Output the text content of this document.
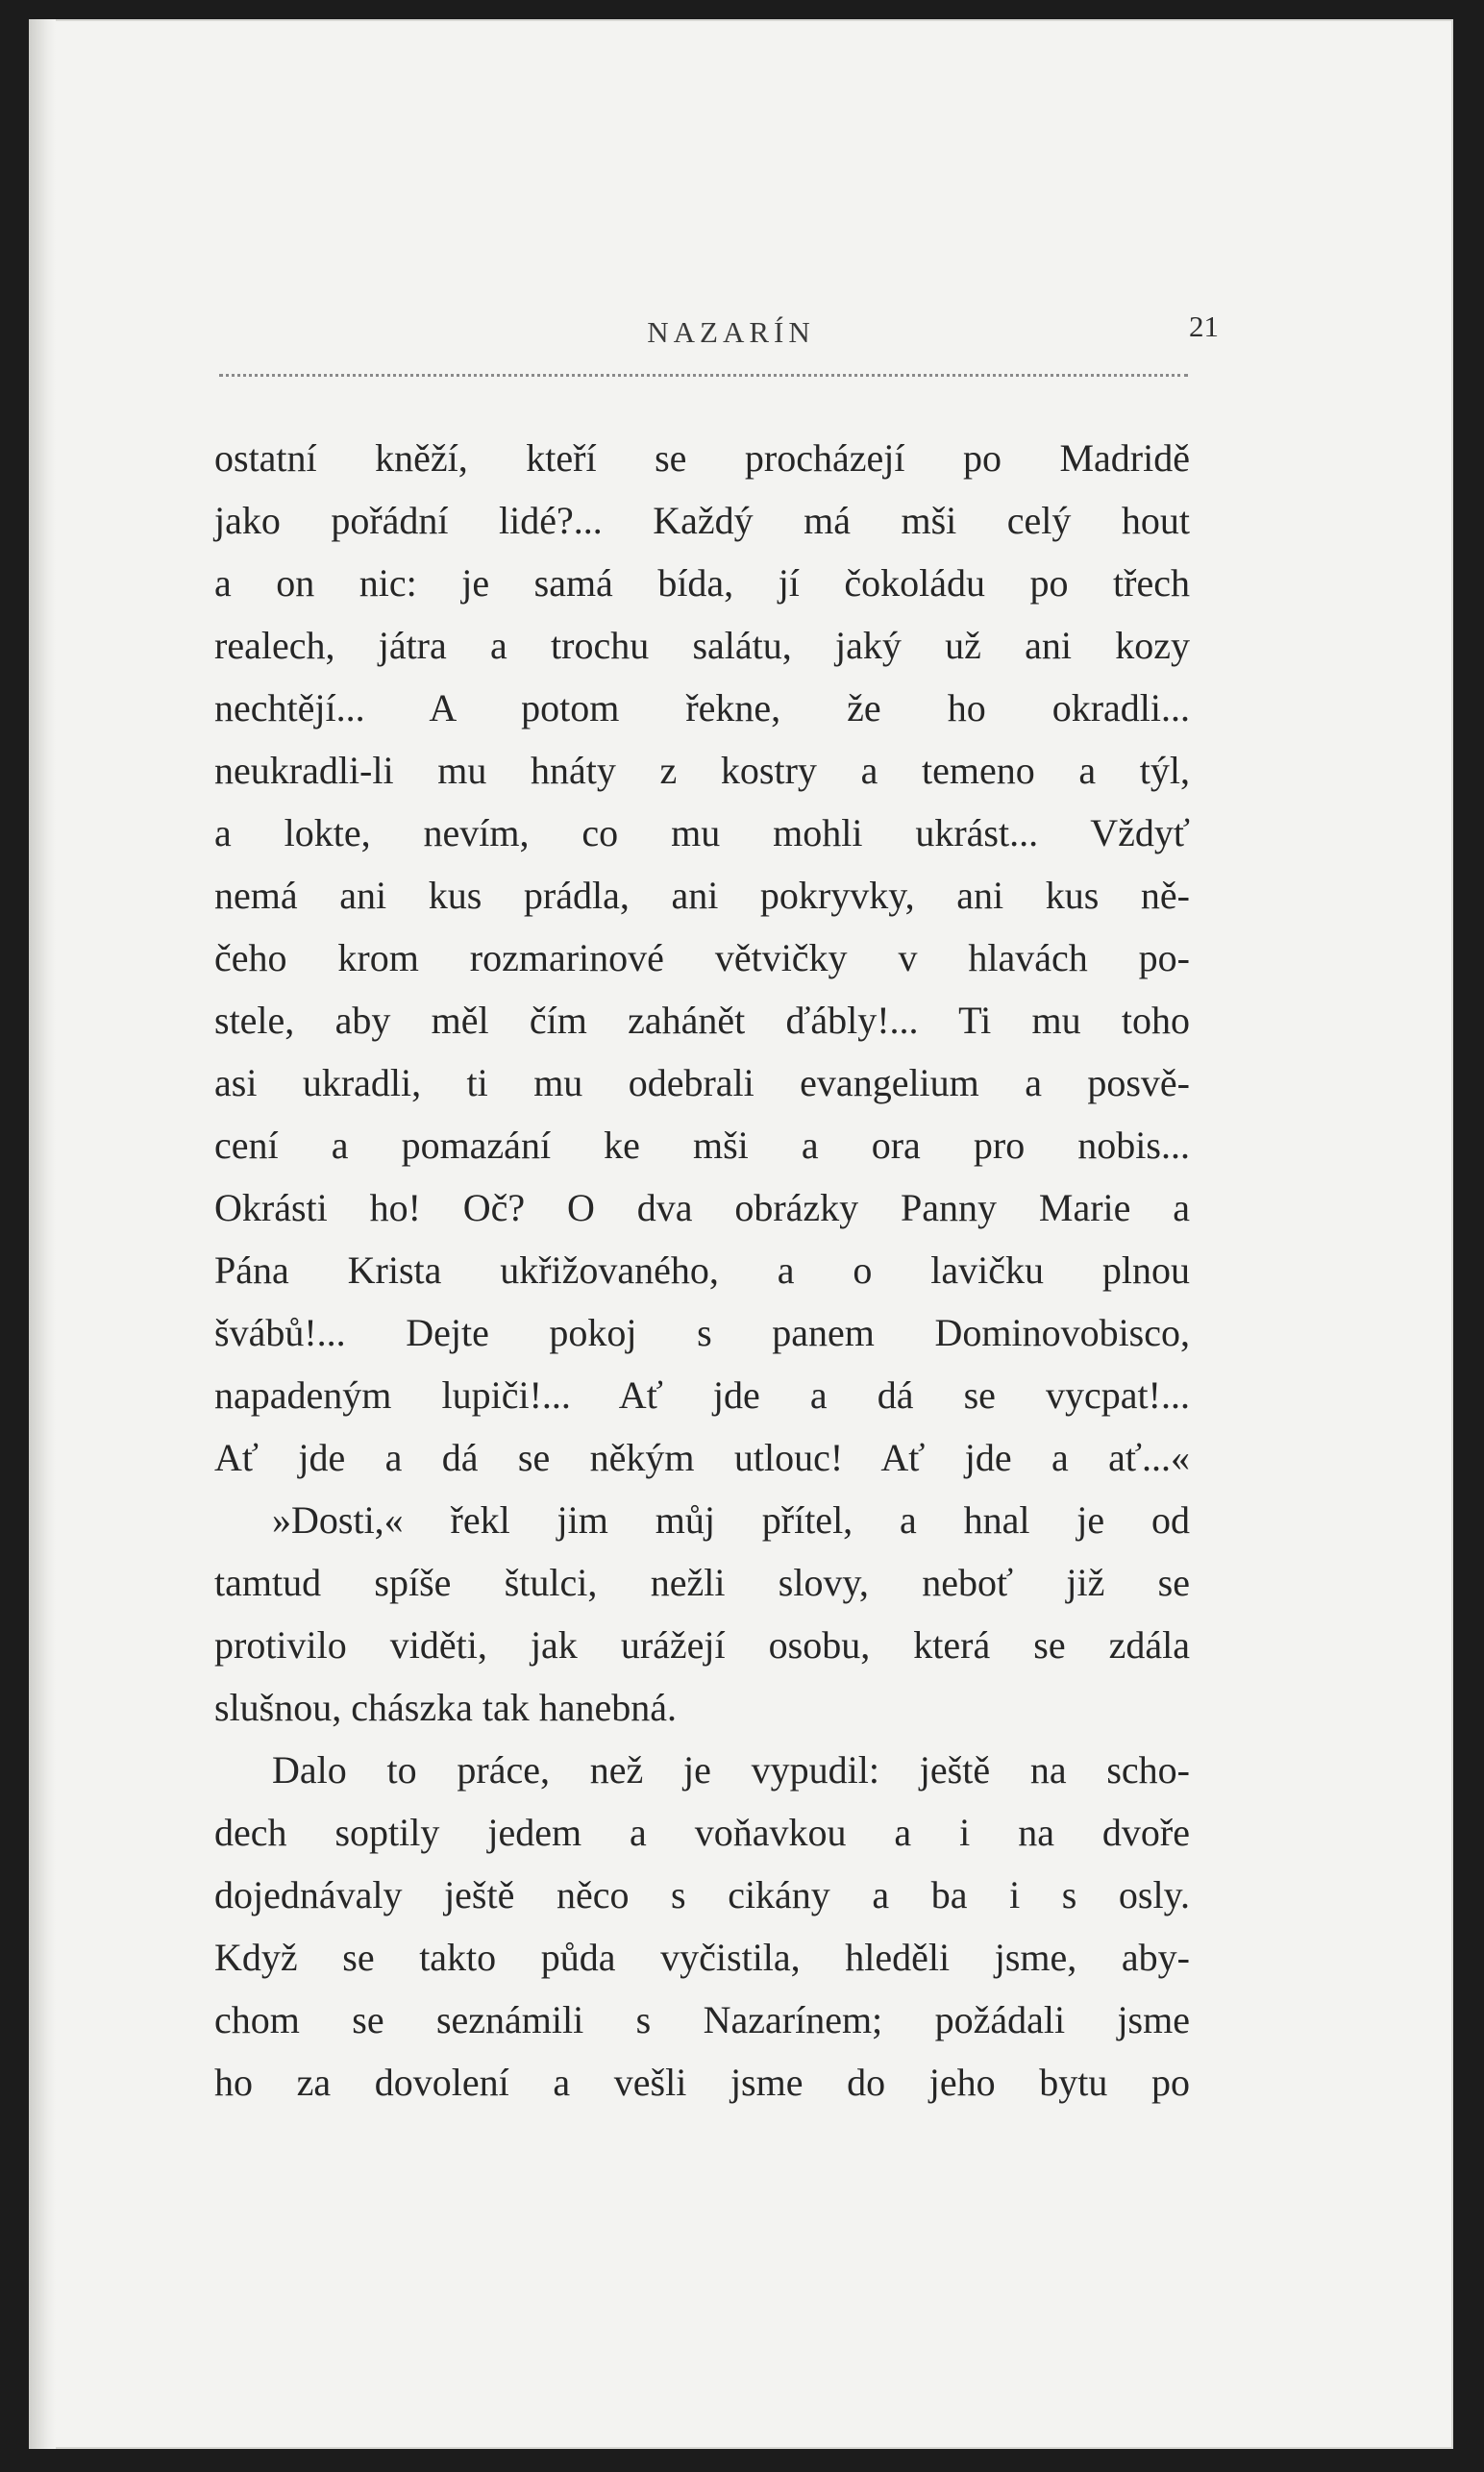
NAZARÍN	21
ostatní kněží, kteří se procházejí po Madridě
jako pořádní lidé?... Každý má mši celý hout
a on nic: je samá bída, jí čokoládu po třech
realech, játra a trochu salátu, jaký už ani kozy
nechtějí... A potom řekne, že ho okradli...
neukradli-li mu hnáty z kostry a temeno a týl,
a lokte, nevím, co mu mohli ukrást... Vždyť
nemá ani kus prádla, ani pokryvky, ani kus ně-
čeho krom rozmarinové větvičky v hlavách po-
stele, aby měl čím zahánět ďábly!... Ti mu toho
asi ukradli, ti mu odebrali evangelium a posvě-
cení a pomazání ke mši a ora pro nobis...
Okrásti ho! Oč? O dva obrázky Panny Marie a
Pána Krista ukřižovaného, a o lavičku plnou
švábů!... Dejte pokoj s panem Dominovobisco,
napadeným lupiči!... Ať jde a dá se vycpat!...
Ať jde a dá se někým utlouc! Ať jde a ať...«
»Dosti,« řekl jim můj přítel, a hnal je od
tamtud spíše štulci, nežli slovy, neboť již se
protivilo viděti, jak urážejí osobu, která se zdála
slušnou, chászka tak hanebná.
Dalo to práce, než je vypudil: ještě na scho-
dech soptily jedem a voňavkou a i na dvoře
dojednávaly ještě něco s cikány a ba i s osly.
Když se takto půda vyčistila, hleděli jsme, aby-
chom se seznámili s Nazarínem; požádali jsme
ho za dovolení a vešli jsme do jeho bytu po
